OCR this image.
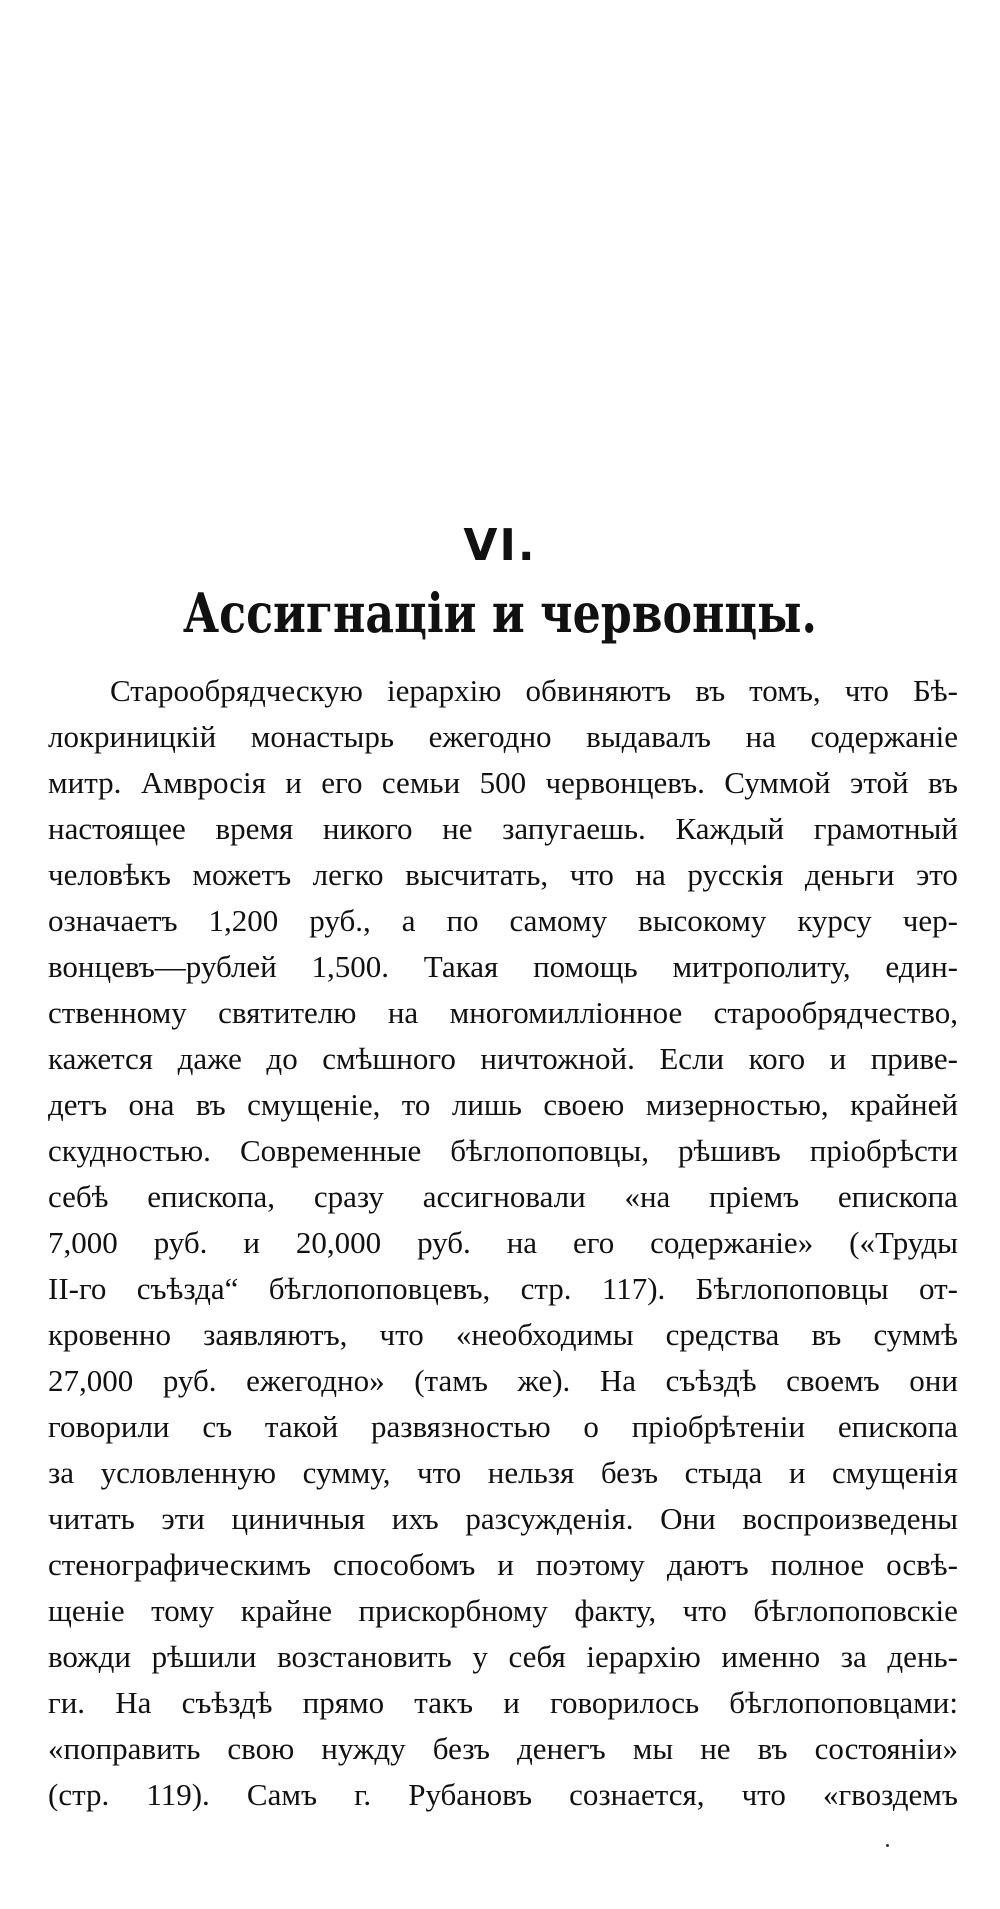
VI.
Ассигнаціи и червонцы.
Старообрядческую іерархію обвиняютъ въ томъ, что Бѣ-
локриницкій монастырь ежегодно выдавалъ на содержаніе
митр. Амвросія и его семьи 500 червонцевъ. Суммой этой въ
настоящее время никого не запугаешь. Каждый грамотный
человѣкъ можетъ легко высчитать, что на русскія деньги это
означаетъ 1,200 руб., а по самому высокому курсу чер-
вонцевъ—рублей 1,500. Такая помощь митрополиту, един-
ственному святителю на многомилліонное старообрядчество,
кажется даже до смѣшного ничтожной. Если кого и приве-
детъ она въ смущеніе, то лишь своею мизерностью, крайней
скудностью. Современные бѣглопоповцы, рѣшивъ пріобрѣсти
себѣ епископа, сразу ассигновали «на пріемъ епископа
7,000 руб. и 20,000 руб. на его содержаніе» («Труды
II-го съѣзда“ бѣглопоповцевъ, стр. 117). Бѣглопоповцы от-
кровенно заявляютъ, что «необходимы средства въ суммѣ
27,000 руб. ежегодно» (тамъ же). На съѣздѣ своемъ они
говорили съ такой развязностью о пріобрѣтеніи епископа
за условленную сумму, что нельзя безъ стыда и смущенія
читать эти циничныя ихъ разсужденія. Они воспроизведены
стенографическимъ способомъ и поэтому даютъ полное освѣ-
щеніе тому крайне прискорбному факту, что бѣглопоповскіе
вожди рѣшили возстановить у себя іерархію именно за день-
ги. На съѣздѣ прямо такъ и говорилось бѣглопоповцами:
«поправить свою нужду безъ денегъ мы не въ состояніи»
(стр. 119). Самъ г. Рубановъ сознается, что «гвоздемъ
